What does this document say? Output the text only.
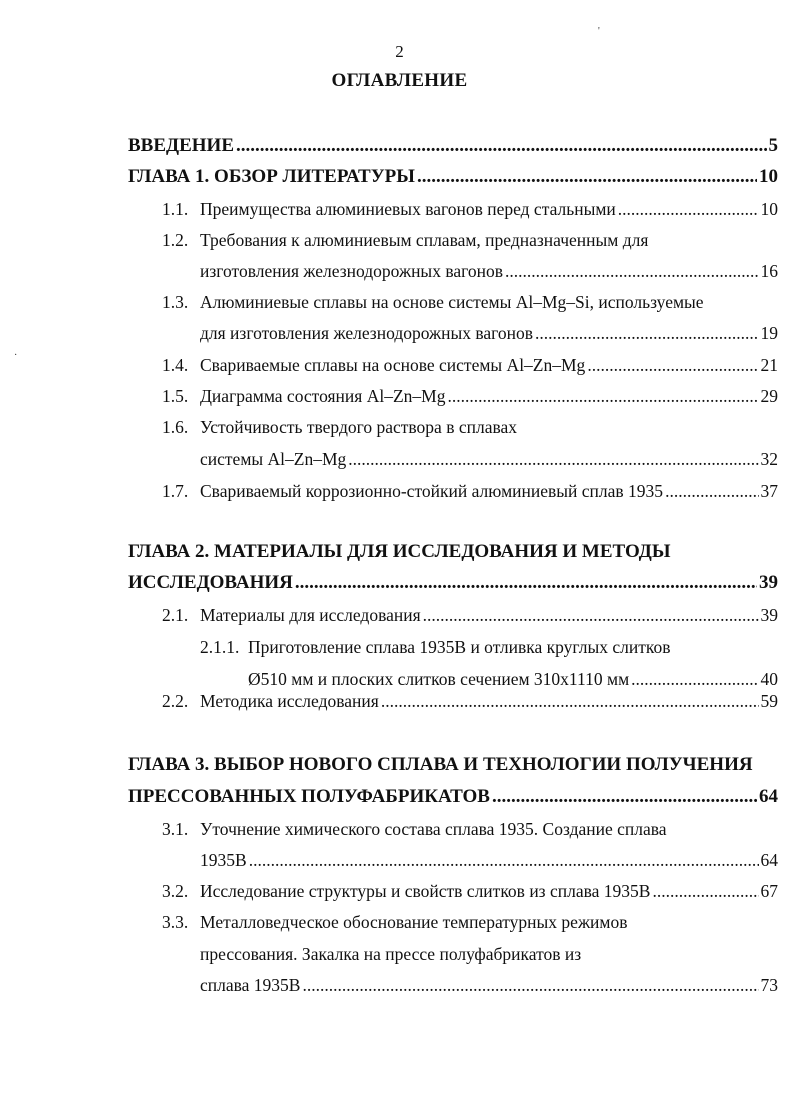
'
·
2
ОГЛАВЛЕНИЕ
ВВЕДЕНИЕ .....	5
ГЛАВА 1. ОБЗОР ЛИТЕРАТУРЫ .....	10
1.1. Преимущества алюминиевых вагонов перед стальными .....	10
1.2. Требования к алюминиевым сплавам, предназначенным для
изготовления железнодорожных вагонов .....	16
1.3. Алюминиевые сплавы на основе системы Al–Mg–Si, используемые
для изготовления железнодорожных вагонов .....	19
1.4. Свариваемые сплавы на основе системы Al–Zn–Mg .....	21
1.5. Диаграмма состояния Al–Zn–Mg .....	29
1.6. Устойчивость твердого раствора в сплавах
системы Al–Zn–Mg .....	32
1.7. Свариваемый коррозионно-стойкий алюминиевый сплав 1935 .....	37
ГЛАВА 2. МАТЕРИАЛЫ ДЛЯ ИССЛЕДОВАНИЯ И МЕТОДЫ
ИССЛЕДОВАНИЯ .....	39
2.1. Материалы для исследования .....	39
2.1.1. Приготовление сплава 1935В и отливка круглых слитков
Ø510 мм и плоских слитков сечением 310х1110 мм .....	40
2.2. Методика исследования .....	59
ГЛАВА 3. ВЫБОР НОВОГО СПЛАВА И ТЕХНОЛОГИИ ПОЛУЧЕНИЯ
ПРЕССОВАННЫХ ПОЛУФАБРИКАТОВ .....	64
3.1. Уточнение химического состава сплава 1935. Создание сплава
1935В .....	64
3.2. Исследование структуры и свойств слитков из сплава 1935В .....	67
3.3. Металловедческое обоснование температурных режимов
прессования. Закалка на прессе полуфабрикатов из
сплава 1935В .....	73
